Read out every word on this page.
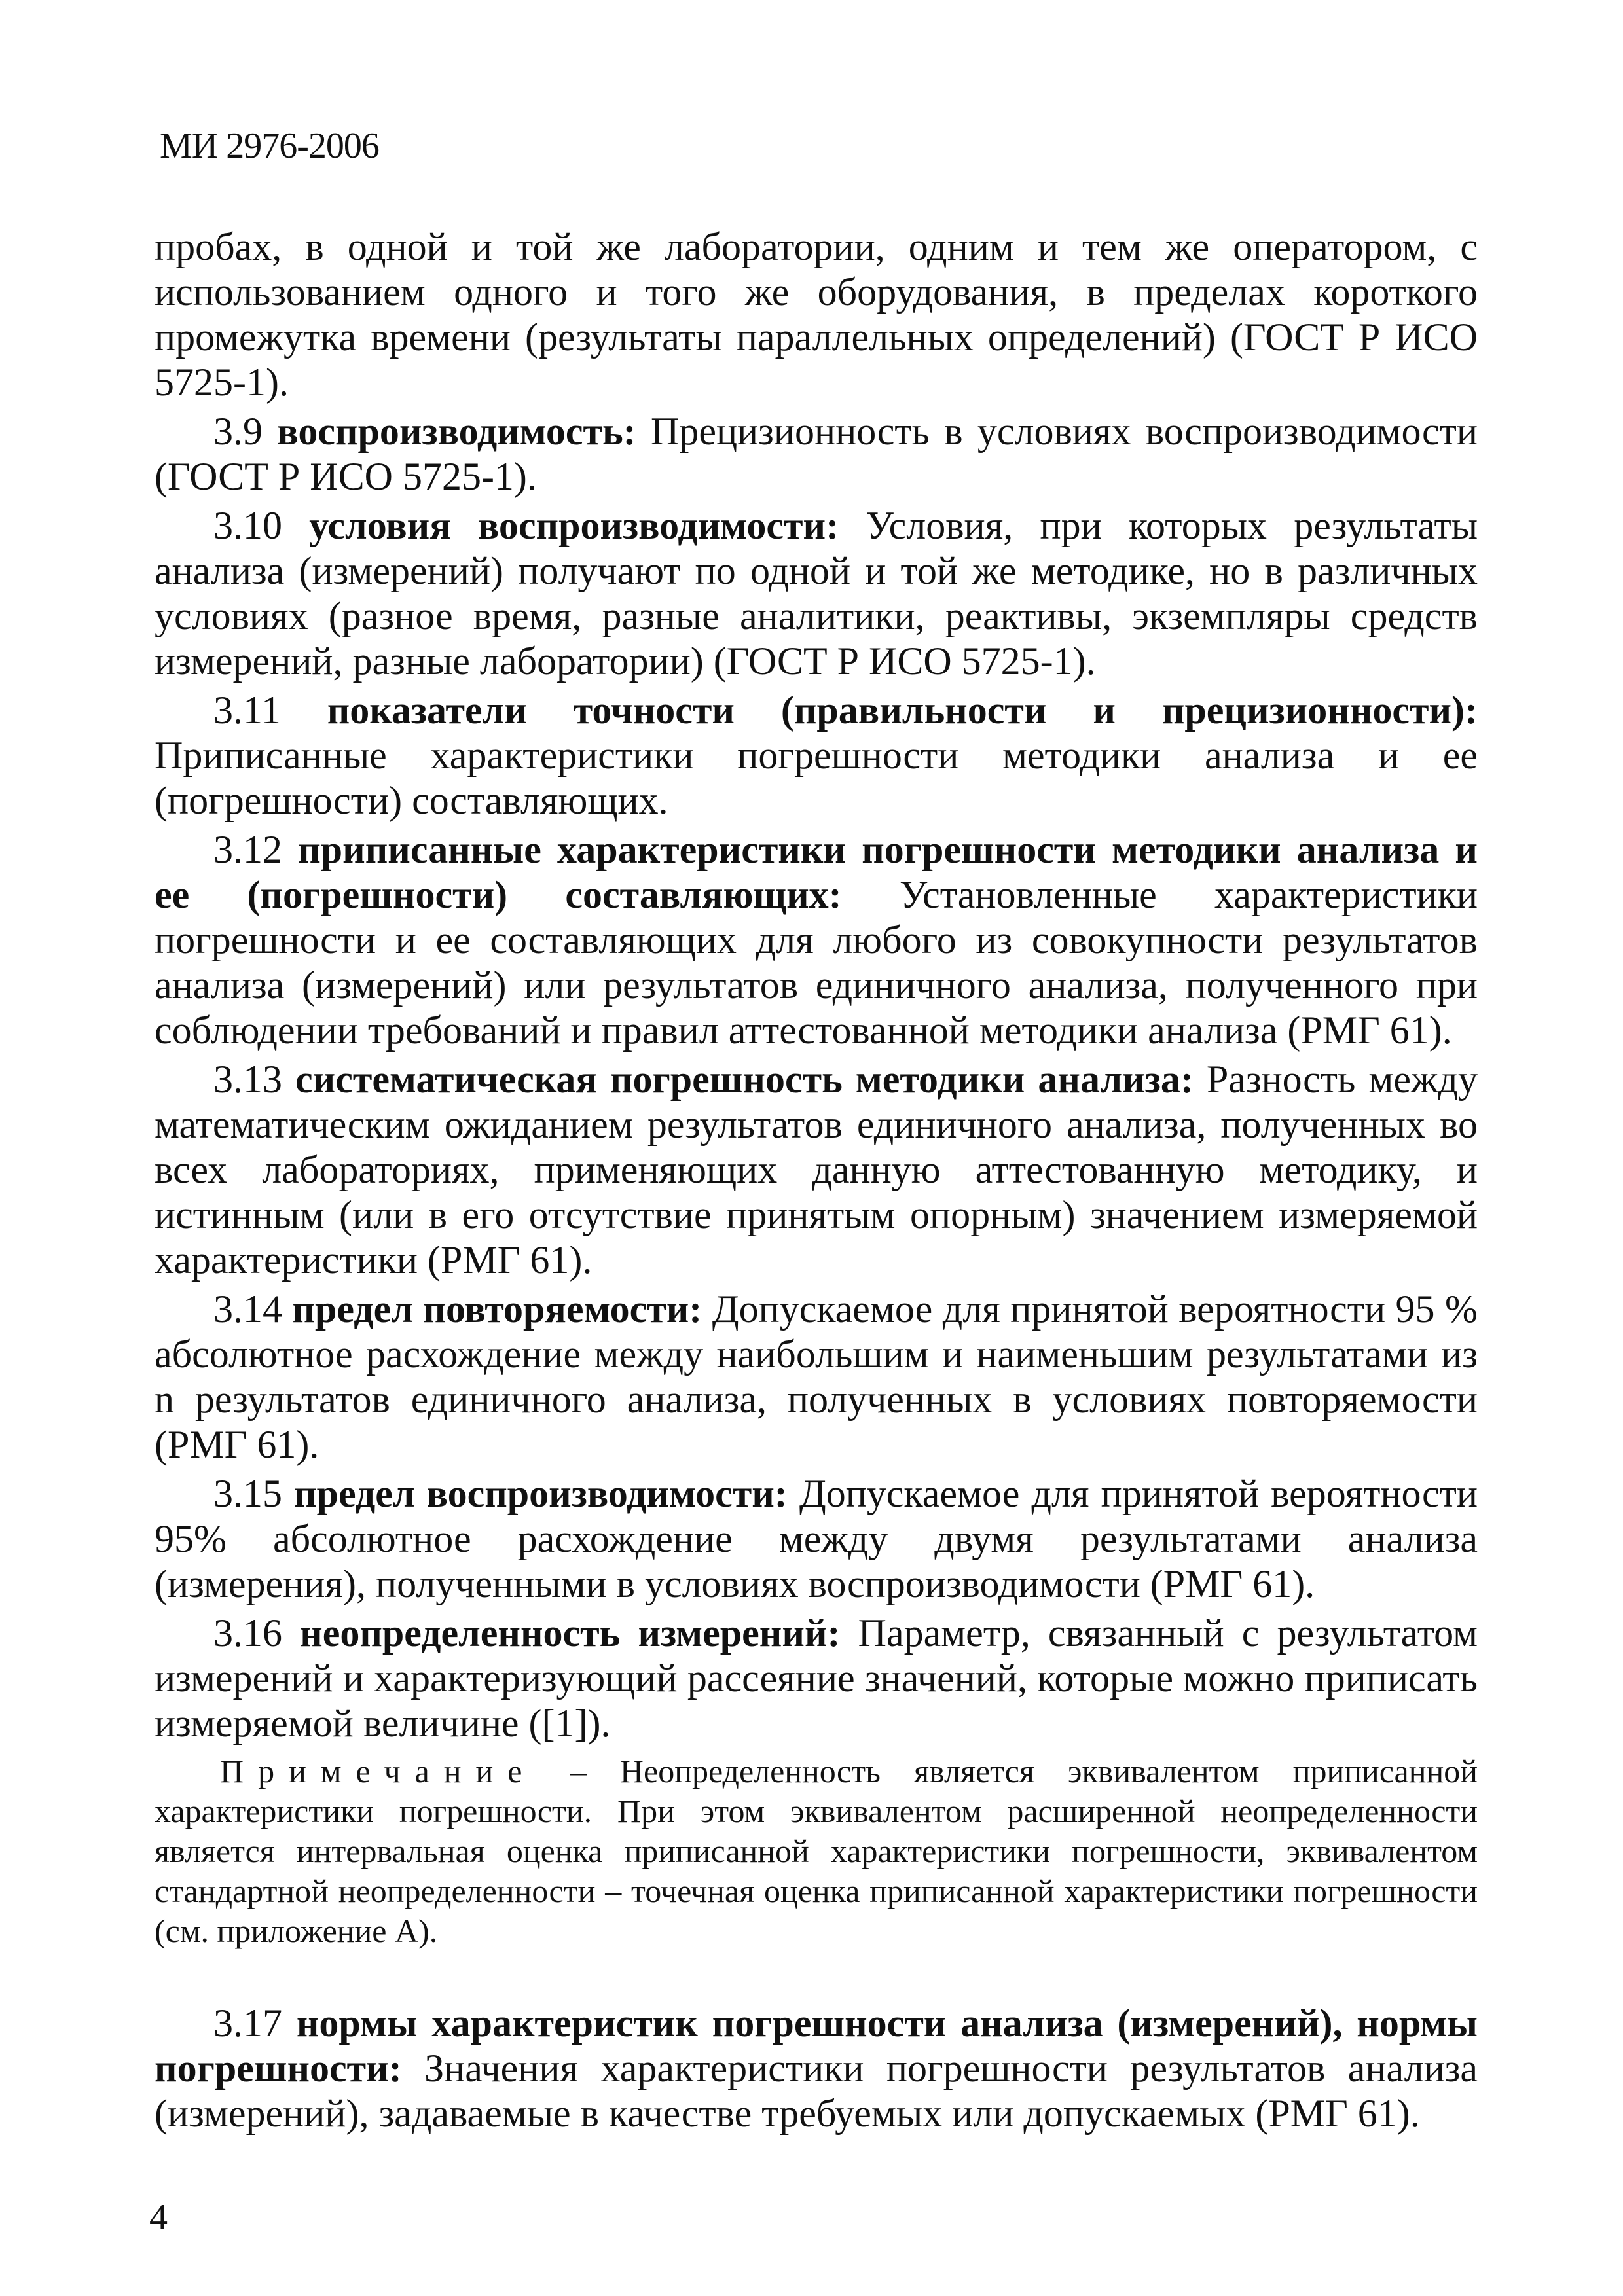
МИ 2976-2006

пробах, в одной и той же лаборатории, одним и тем же оператором, с использованием одного и того же оборудования, в пределах короткого промежутка времени (результаты параллельных определений) (ГОСТ Р ИСО 5725-1).

3.9 воспроизводимость: Прецизионность в условиях воспроизводимости (ГОСТ Р ИСО 5725-1).

3.10 условия воспроизводимости: Условия, при которых результаты анализа (измерений) получают по одной и той же методике, но в различных условиях (разное время, разные аналитики, реактивы, экземпляры средств измерений, разные лаборатории) (ГОСТ Р ИСО 5725-1).

3.11 показатели точности (правильности и прецизионности): Приписанные характеристики погрешности методики анализа и ее (погрешности) составляющих.

3.12 приписанные характеристики погрешности методики анализа и ее (погрешности) составляющих: Установленные характеристики погрешности и ее составляющих для любого из совокупности результатов анализа (измерений) или результатов единичного анализа, полученного при соблюдении требований и правил аттестованной методики анализа (РМГ 61).

3.13 систематическая погрешность методики анализа: Разность между математическим ожиданием результатов единичного анализа, полученных во всех лабораториях, применяющих данную аттестованную методику, и истинным (или в его отсутствие принятым опорным) значением измеряемой характеристики (РМГ 61).

3.14 предел повторяемости: Допускаемое для принятой вероятности 95 % абсолютное расхождение между наибольшим и наименьшим результатами из n результатов единичного анализа, полученных в условиях повторяемости (РМГ 61).

3.15 предел воспроизводимости: Допускаемое для принятой вероятности 95% абсолютное расхождение между двумя результатами анализа (измерения), полученными в условиях воспроизводимости (РМГ 61).

3.16 неопределенность измерений: Параметр, связанный с результатом измерений и характеризующий рассеяние значений, которые можно приписать измеряемой величине ([1]).

Примечание – Неопределенность является эквивалентом приписанной характеристики погрешности. При этом эквивалентом расширенной неопределенности является интервальная оценка приписанной характеристики погрешности, эквивалентом стандартной неопределенности – точечная оценка приписанной характеристики погрешности (см. приложение А).

3.17 нормы характеристик погрешности анализа (измерений), нормы погрешности: Значения характеристики погрешности результатов анализа (измерений), задаваемые в качестве требуемых или допускаемых (РМГ 61).

4
